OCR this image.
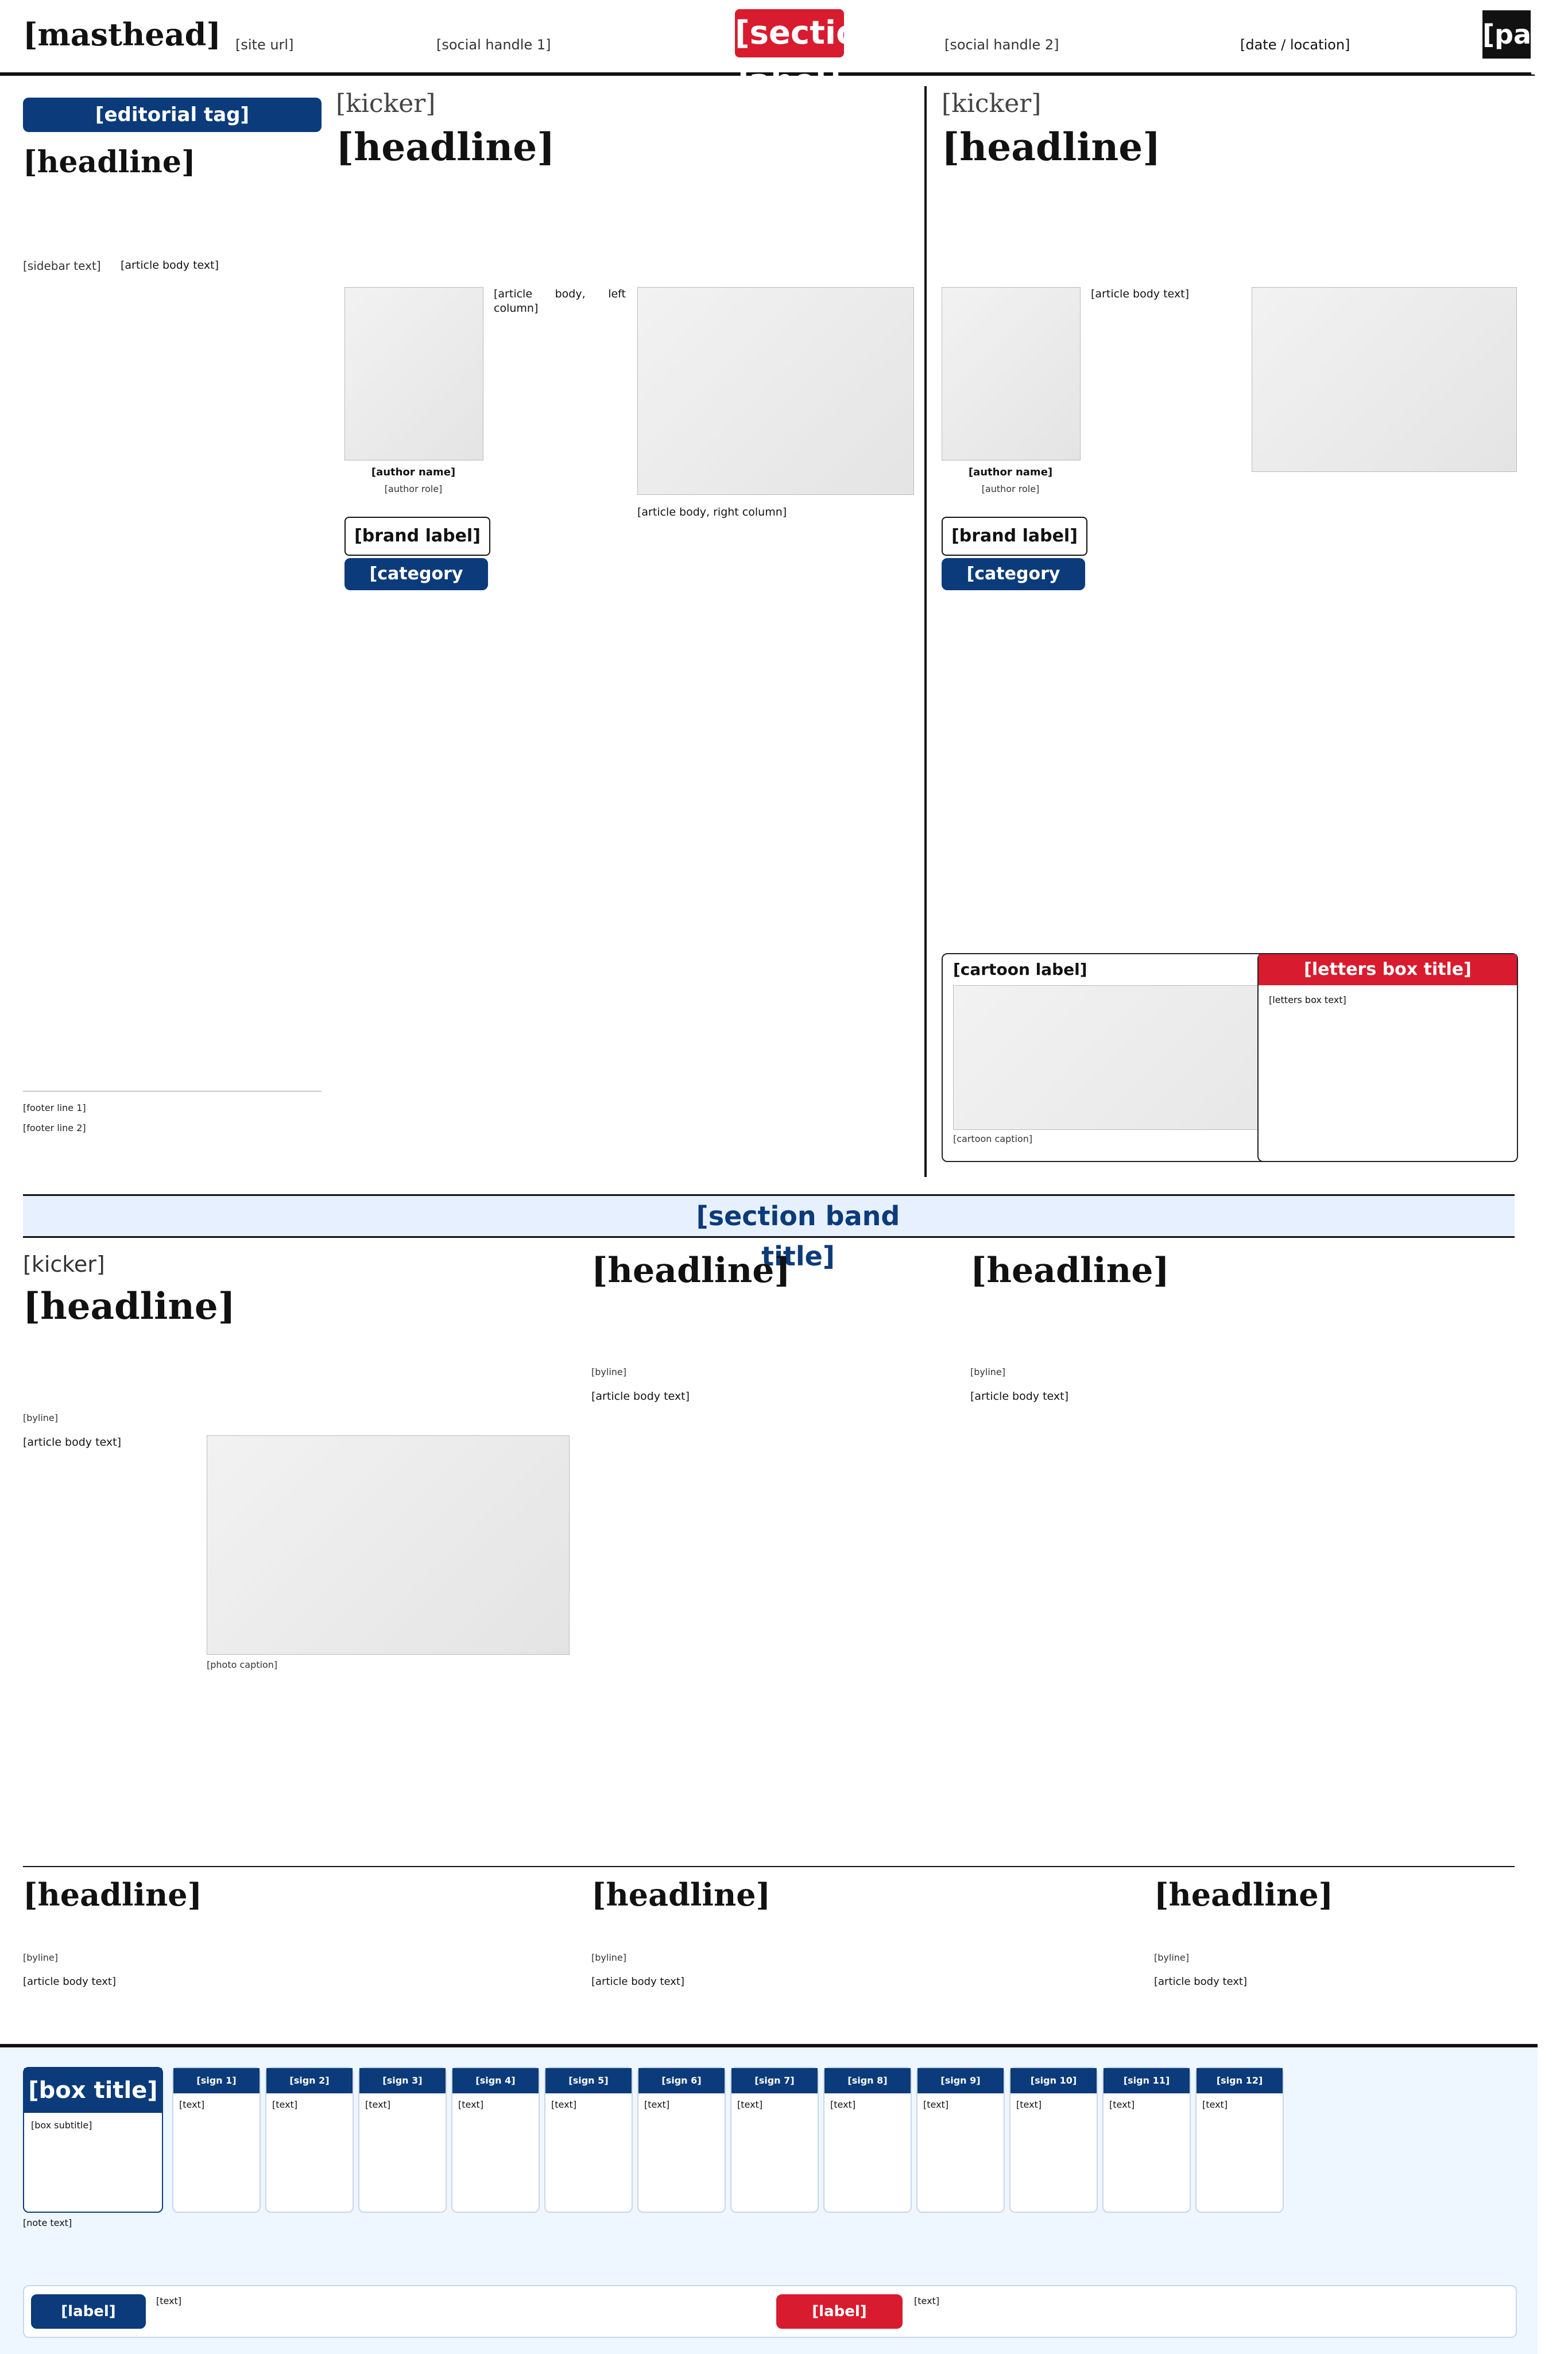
[masthead] [site url]	[social handle 1]	[section label]
[social handle 2]	[date / location]	[page no.]
[editorial tag]
[headline]
[sidebar text]	[article body text]
[footer line 1]
[footer line 2]
[kicker]
[headline]
[author name]
[author role]
[brand label]
[category label]
[article body, left column]
[article body, right column]
[kicker]
[headline]
[author name]
[author role]
[brand label]
[category label]
[article body text]
[cartoon label]
[cartoon caption]
[letters box title]
[letters box text]
[section band title]
[kicker]
[headline]
[byline]
[article body text]
[photo caption]
[headline]
[byline]
[article body text]
[headline]
[byline]
[article body text]
[headline]
[byline]
[article body text]
[headline]
[byline]
[article body text]
[headline]
[byline]
[article body text]
[box title]
[box subtitle]
[note text]
[sign 1]
[text]
[sign 2]
[text]
[sign 3]
[text]
[sign 4]
[text]
[sign 5]
[text]
[sign 6]
[text]
[sign 7]
[text]
[sign 8]
[text]
[sign 9]
[text]
[sign 10]
[text]
[sign 11]
[text]
[sign 12]
[text]
[label]
[text]
[label]
[text]
